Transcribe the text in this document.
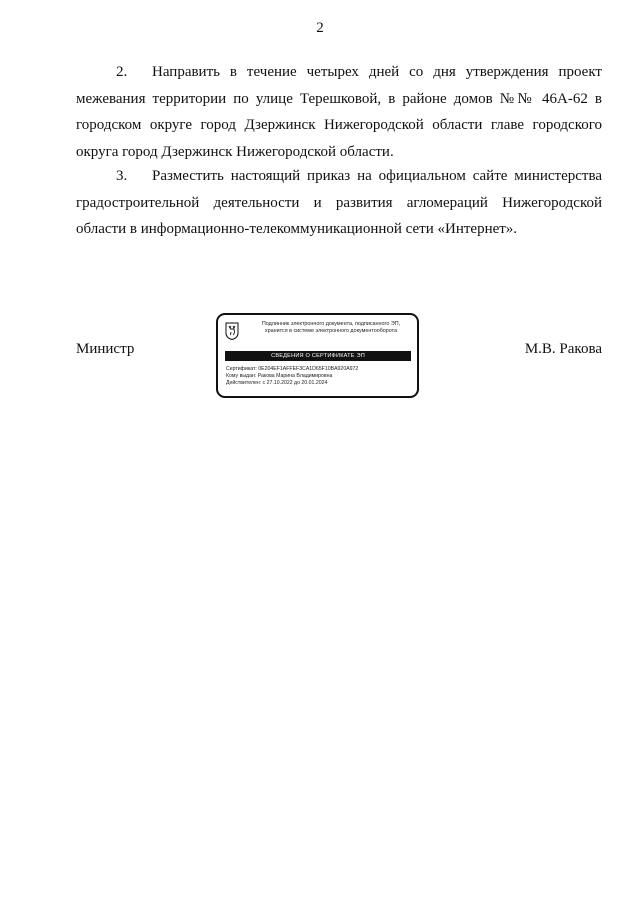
2

2. Направить в течение четырех дней со дня утверждения проект межевания территории по улице Терешковой, в районе домов №№ 46А-62 в городском округе город Дзержинск Нижегородской области главе городского округа город Дзержинск Нижегородской области.

3. Разместить настоящий приказ на официальном сайте министерства градостроительной деятельности и развития агломераций Нижегородской области в информационно-телекоммуникационной сети «Интернет».

Министр
Подлинник электронного документа, подписанного ЭП,
хранится в системе электронного документооборота
СВЕДЕНИЯ О СЕРТИФИКАТЕ ЭП
Сертификат: 0E204EF1AFFEF3CA1D65F10BA920A972
Кому выдан: Ракова Марина Владимировна
Действителен: с 27.10.2022 до 20.01.2024
М.В. Ракова
